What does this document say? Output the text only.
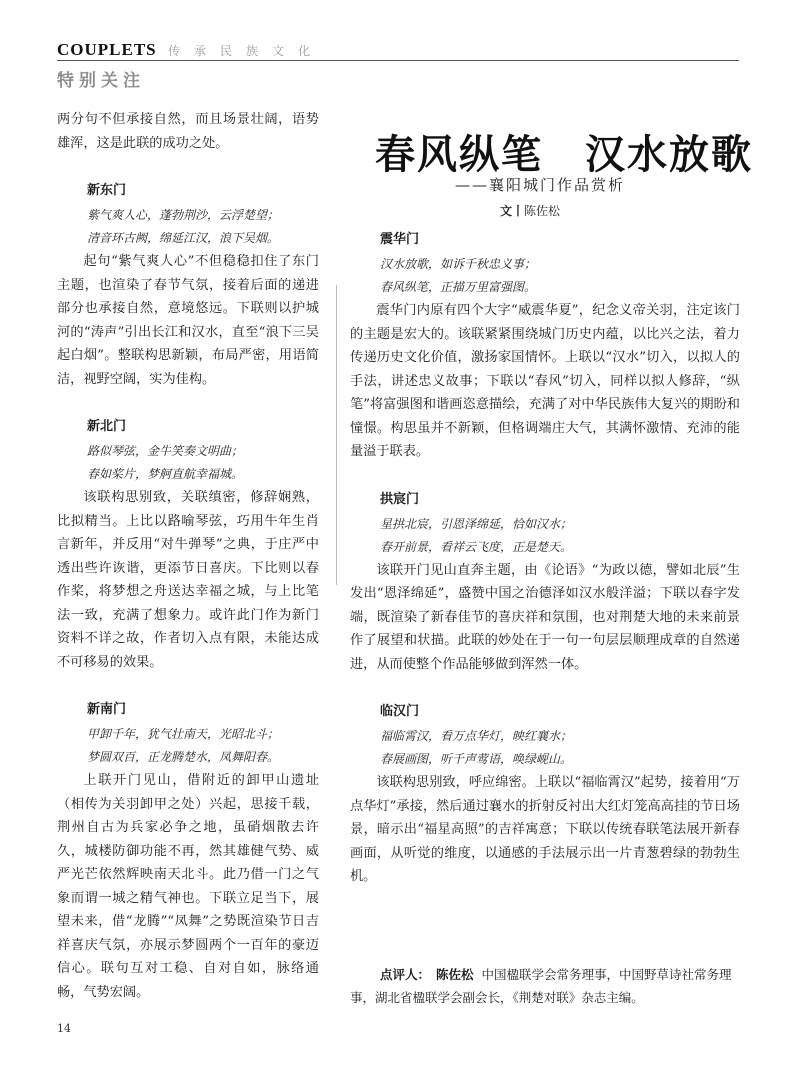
COUPLETS 传承民族文化
特别关注

两分句不但承接自然，而且场景壮阔，语势雄浑，这是此联的成功之处。

新东门
紫气爽人心，蓬勃荆沙，云浮楚望；
清音环古阙，绵延江汉，浪下吴烟。

起句“紫气爽人心”不但稳稳扣住了东门主题，也渲染了春节气氛，接着后面的递进部分也承接自然，意境悠远。下联则以护城河的“涛声”引出长江和汉水，直至“浪下三吴起白烟”。整联构思新颖，布局严密，用语简洁，视野空阔，实为佳构。

新北门
路似琴弦，金牛笑奏文明曲；
春如桨片，梦舸直航幸福城。

该联构思别致，关联缜密，修辞娴熟，比拟精当。上比以路喻琴弦，巧用牛年生肖言新年，并反用“对牛弹琴”之典，于庄严中透出些许诙谐，更添节日喜庆。下比则以春作桨，将梦想之舟送达幸福之城，与上比笔法一致，充满了想象力。或许此门作为新门资料不详之故，作者切入点有限，未能达成不可移易的效果。

新南门
甲卸千年，犹气壮南天，光昭北斗；
梦圆双百，正龙腾楚水，凤舞阳春。

上联开门见山，借附近的卸甲山遗址（相传为关羽卸甲之处）兴起，思接千载，荆州自古为兵家必争之地，虽硝烟散去许久，城楼防御功能不再，然其雄健气势、威严光芒依然辉映南天北斗。此乃借一门之气象而谓一城之精气神也。下联立足当下，展望未来，借“龙腾”“凤舞”之势既渲染节日吉祥喜庆气氛，亦展示梦圆两个一百年的豪迈信心。联句互对工稳、自对自如，脉络通畅，气势宏阔。

春风纵笔　汉水放歌
——襄阳城门作品赏析
文丨陈佐松
震华门
汉水放歌，如诉千秋忠义事；
春风纵笔，正描万里富强图。

震华门内原有四个大字“威震华夏”，纪念义帝关羽，注定该门的主题是宏大的。该联紧紧围绕城门历史内蕴，以比兴之法，着力传递历史文化价值，激扬家国情怀。上联以“汉水”切入，以拟人的手法，讲述忠义故事；下联以“春风”切入，同样以拟人修辞，“纵笔”将富强图和谐画恣意描绘，充满了对中华民族伟大复兴的期盼和憧憬。构思虽并不新颖，但格调端庄大气，其满怀激情、充沛的能量溢于联表。

拱宸门
星拱北宸，引恩泽绵延，恰如汉水；
春开前景，看祥云飞度，正是楚天。

该联开门见山直奔主题，由《论语》“为政以德，譬如北辰”生发出“恩泽绵延”，盛赞中国之治德泽如汉水般洋溢；下联以春字发端，既渲染了新春佳节的喜庆祥和氛围，也对荆楚大地的未来前景作了展望和状描。此联的妙处在于一句一句层层顺理成章的自然递进，从而使整个作品能够做到浑然一体。

临汉门
福临霄汉，看万点华灯，映红襄水；
春展画图，听千声莺语，唤绿岘山。

该联构思别致，呼应绵密。上联以“福临霄汉”起势，接着用“万点华灯”承接，然后通过襄水的折射反衬出大红灯笼高高挂的节日场景，暗示出“福星高照”的吉祥寓意；下联以传统春联笔法展开新春画面，从听觉的维度，以通感的手法展示出一片青葱碧绿的勃勃生机。

点评人： 陈佐松 中国楹联学会常务理事，中国野草诗社常务理事，湖北省楹联学会副会长，《荆楚对联》杂志主编。
14
